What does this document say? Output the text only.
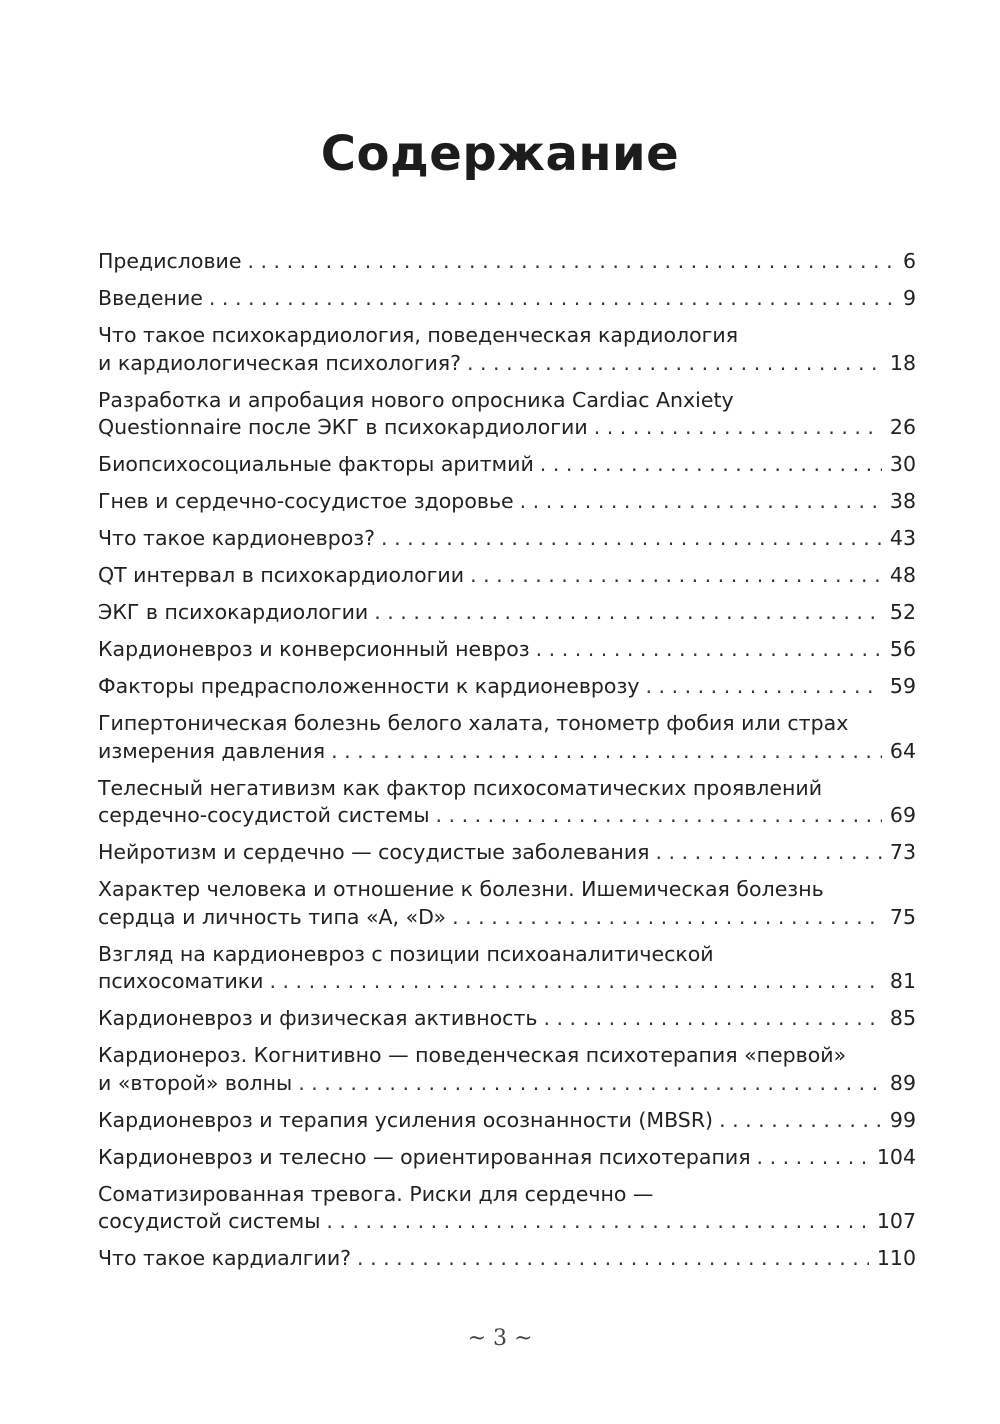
Содержание
Предисловие . . .	6
Введение . . .	9
Что такое психокардиология, поведенческая кардиология
и кардиологическая психология? . . .	18
Разработка и апробация нового опросника Cardiac Anxiety
Questionnaire после ЭКГ в психокардиологии . . .	26
Биопсихосоциальные факторы аритмий . . .	30
Гнев и сердечно-сосудистое здоровье . . .	38
Что такое кардионевроз? . . .	43
QT интервал в психокардиологии . . .	48
ЭКГ в психокардиологии . . .	52
Кардионевроз и конверсионный невроз . . .	56
Факторы предрасположенности к кардионеврозу . . .	59
Гипертоническая болезнь белого халата, тонометр фобия или страх
измерения давления . . .	64
Телесный негативизм как фактор психосоматических проявлений
сердечно-сосудистой системы . . .	69
Нейротизм и сердечно — сосудистые заболевания . . .	73
Характер человека и отношение к болезни. Ишемическая болезнь
сердца и личность типа «А, «D» . . .	75
Взгляд на кардионевроз с позиции психоаналитической
психосоматики . . .	81
Кардионевроз и физическая активность . . .	85
Кардионероз. Когнитивно — поведенческая психотерапия «первой»
и «второй» волны . . .	89
Кардионевроз и терапия усиления осознанности (MBSR) . . .	99
Кардионевроз и телесно — ориентированная психотерапия . . .	104
Соматизированная тревога. Риски для сердечно —
сосудистой системы . . .	107
Что такое кардиалгии? . . .	110
~ 3 ~
